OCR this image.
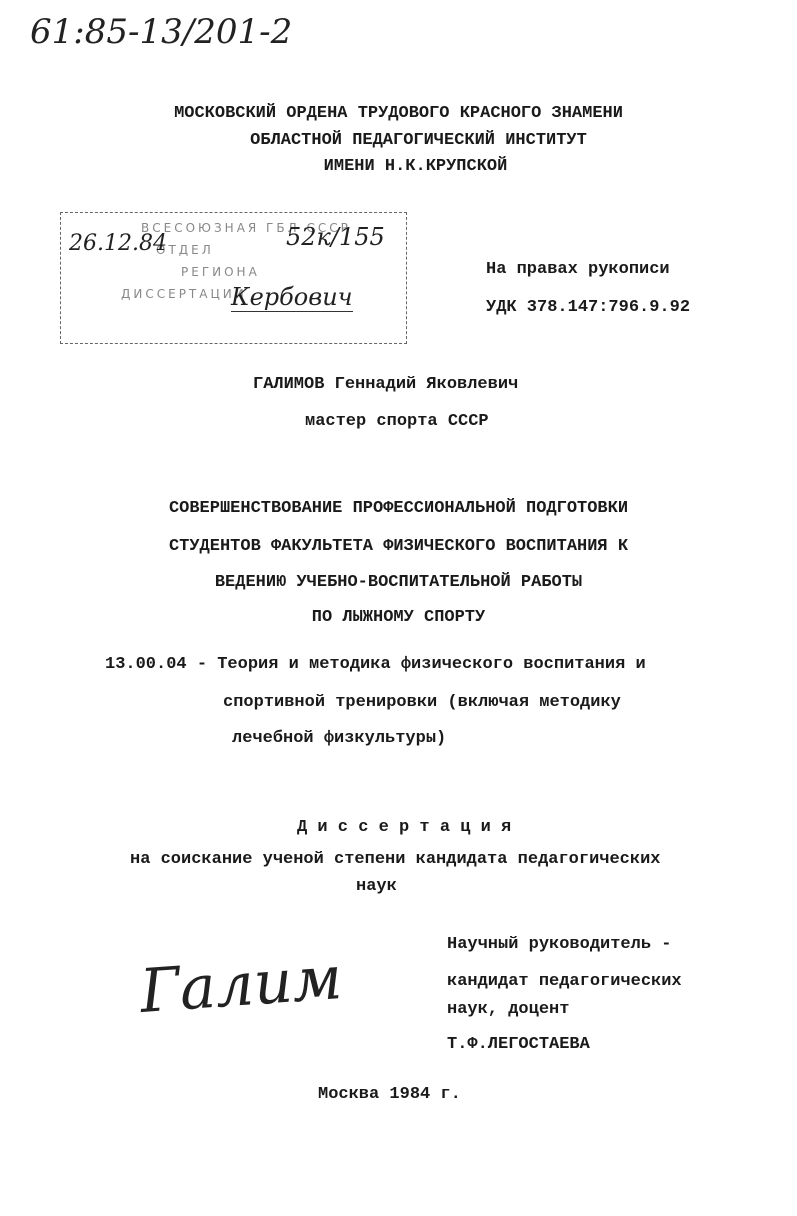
61:85-13/201-2
МОСКОВСКИЙ ОРДЕНА ТРУДОВОГО КРАСНОГО ЗНАМЕНИ
ОБЛАСТНОЙ ПЕДАГОГИЧЕСКИЙ ИНСТИТУТ
ИМЕНИ Н.К.КРУПСКОЙ
ВСЕСОЮЗНАЯ ГБЛ СССР
ОТДЕЛ
РЕГИОНА
ДИССЕРТАЦИИ
26.12.84	52к/155
Кербович
На правах рукописи
УДК 378.147:796.9.92
ГАЛИМОВ Геннадий Яковлевич
мастер спорта СССР
СОВЕРШЕНСТВОВАНИЕ ПРОФЕССИОНАЛЬНОЙ ПОДГОТОВКИ
СТУДЕНТОВ ФАКУЛЬТЕТА ФИЗИЧЕСКОГО ВОСПИТАНИЯ К
ВЕДЕНИЮ УЧЕБНО-ВОСПИТАТЕЛЬНОЙ РАБОТЫ
ПО ЛЫЖНОМУ СПОРТУ
13.00.04 - Теория и методика физического воспитания и
спортивной тренировки (включая методику
лечебной физкультуры)
Д и с с е р т а ц и я
на соискание ученой степени кандидата педагогических
наук
Галим	Научный руководитель -
кандидат педагогических
наук, доцент
Т.Ф.ЛЕГОСТАЕВА
Москва 1984 г.
